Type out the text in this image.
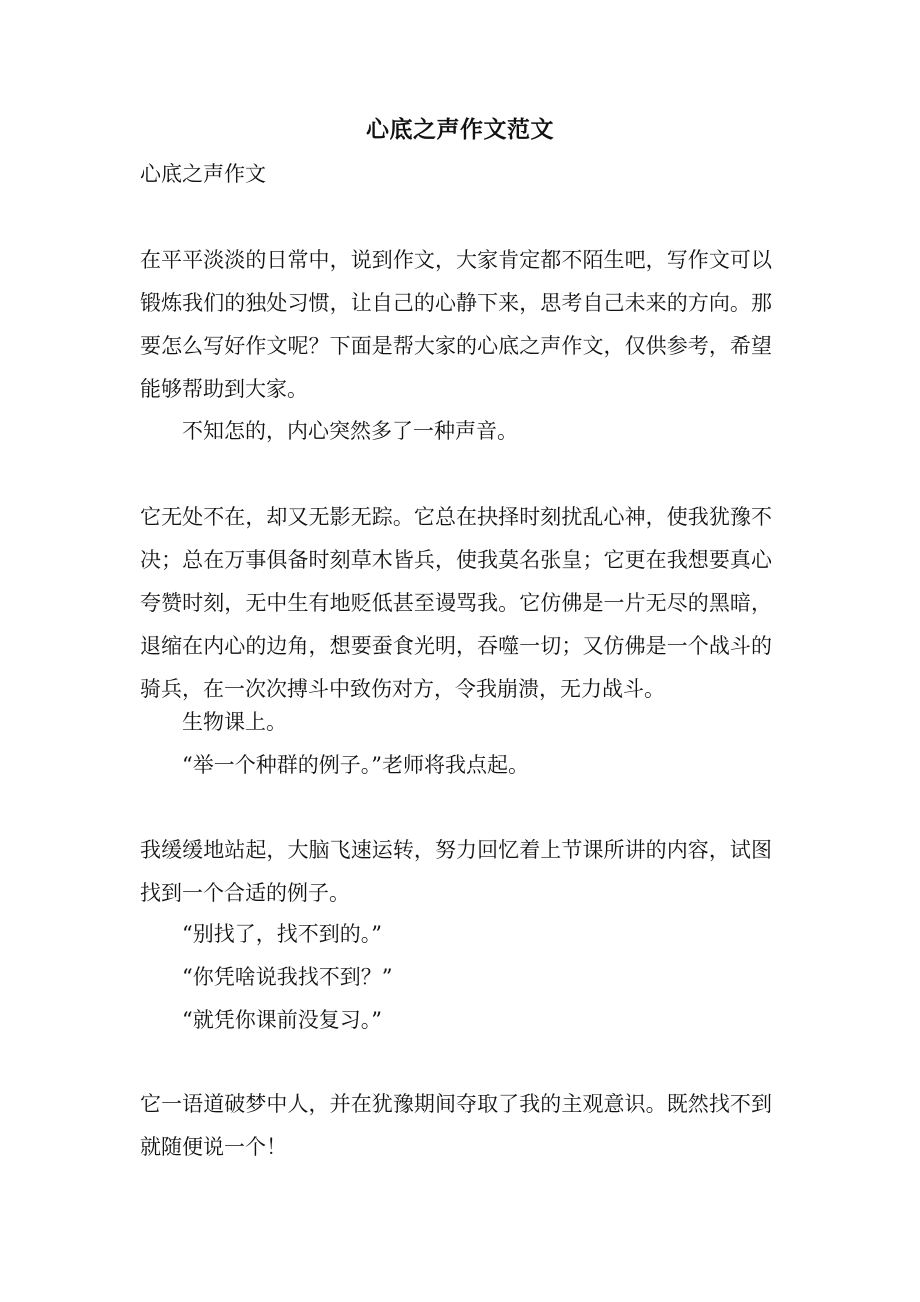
心底之声作文范文
心底之声作文

在平平淡淡的日常中，说到作文，大家肯定都不陌生吧，写作文可以锻炼我们的独处习惯，让自己的心静下来，思考自己未来的方向。那要怎么写好作文呢？下面是帮大家的心底之声作文，仅供参考，希望能够帮助到大家。

不知怎的，内心突然多了一种声音。

它无处不在，却又无影无踪。它总在抉择时刻扰乱心神，使我犹豫不决；总在万事俱备时刻草木皆兵，使我莫名张皇；它更在我想要真心夸赞时刻，无中生有地贬低甚至谩骂我。它仿佛是一片无尽的黑暗，退缩在内心的边角，想要蚕食光明，吞噬一切；又仿佛是一个战斗的骑兵，在一次次搏斗中致伤对方，令我崩溃，无力战斗。

生物课上。

“举一个种群的例子。”老师将我点起。

我缓缓地站起，大脑飞速运转，努力回忆着上节课所讲的内容，试图找到一个合适的例子。

“别找了，找不到的。”

“你凭啥说我找不到？”

“就凭你课前没复习。”

它一语道破梦中人，并在犹豫期间夺取了我的主观意识。既然找不到就随便说一个！
